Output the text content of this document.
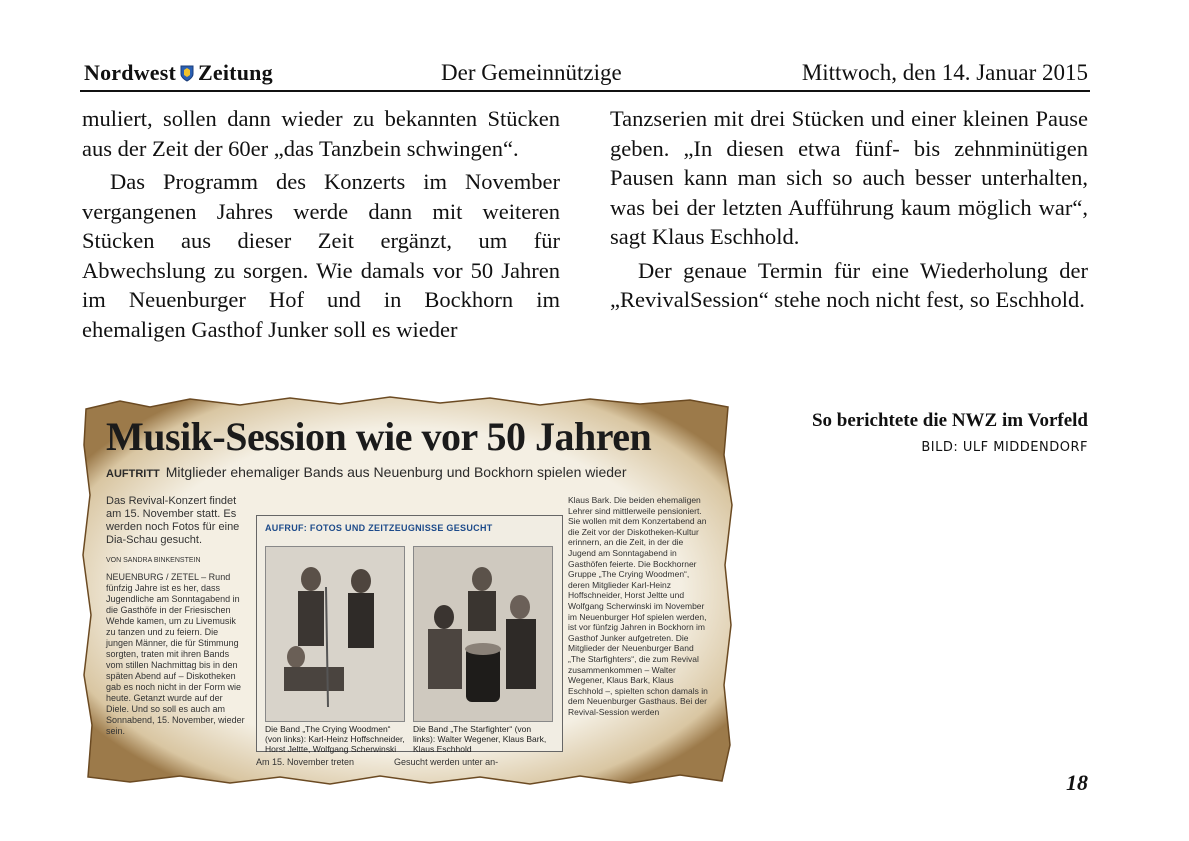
Nordwest Zeitung	Der Gemeinnützige	Mittwoch, den 14. Januar 2015

muliert, sollen dann wieder zu bekannten Stücken aus der Zeit der 60er „das Tanzbein schwingen“.

Das Programm des Konzerts im November vergangenen Jahres werde dann mit weiteren Stücken aus dieser Zeit ergänzt, um für Abwechslung zu sorgen. Wie damals vor 50 Jahren im Neuenburger Hof und in Bockhorn im ehemaligen Gasthof Junker soll es wieder

Tanzserien mit drei Stücken und einer kleinen Pause geben. „In diesen etwa fünf- bis zehnminütigen Pausen kann man sich so auch besser unterhalten, was bei der letzten Aufführung kaum möglich war“, sagt Klaus Eschhold.

Der genaue Termin für eine Wiederholung der „RevivalSession“ stehe noch nicht fest, so Eschhold.

Musik-Session wie vor 50 Jahren
AUFTRITT Mitglieder ehemaliger Bands aus Neuenburg und Bockhorn spielen wieder
Das Revival-Konzert findet am 15. November statt. Es werden noch Fotos für eine Dia-Schau gesucht.
VON SANDRA BINKENSTEIN
NEUENBURG / ZETEL – Rund fünfzig Jahre ist es her, dass Jugendliche am Sonntagabend in die Gasthöfe in der Friesischen Wehde kamen, um zu Livemusik zu tanzen und zu feiern. Die jungen Männer, die für Stimmung sorgten, traten mit ihren Bands vom stillen Nachmittag bis in den späten Abend auf – Diskotheken gab es noch nicht in der Form wie heute. Getanzt wurde auf der Diele. Und so soll es auch am Sonnabend, 15. November, wieder sein.
AUFRUF: FOTOS UND ZEITZEUGNISSE GESUCHT
Die Band „The Crying Woodmen“ (von links): Karl-Heinz Hoffschneider, Horst Jeltte, Wolfgang Scherwinski
Die Band „The Starfighter“ (von links): Walter Wegener, Klaus Bark, Klaus Eschhold
Am 15. November treten	Gesucht werden unter an-
Klaus Bark. Die beiden ehemaligen Lehrer sind mittlerweile pensioniert. Sie wollen mit dem Konzertabend an die Zeit vor der Diskotheken-Kultur erinnern, an die Zeit, in der die Jugend am Sonntagabend in Gasthöfen feierte. Die Bockhorner Gruppe „The Crying Woodmen“, deren Mitglieder Karl-Heinz Hoffschneider, Horst Jeltte und Wolfgang Scherwinski im November im Neuenburger Hof spielen werden, ist vor fünfzig Jahren in Bockhorn im Gasthof Junker aufgetreten. Die Mitglieder der Neuenburger Band „The Starfighters“, die zum Revival zusammenkommen – Walter Wegener, Klaus Bark, Klaus Eschhold –, spielten schon damals in dem Neuenburger Gasthaus. Bei der Revival-Session werden
So berichtete die NWZ im Vorfeld
BILD: ULF MIDDENDORF
18
